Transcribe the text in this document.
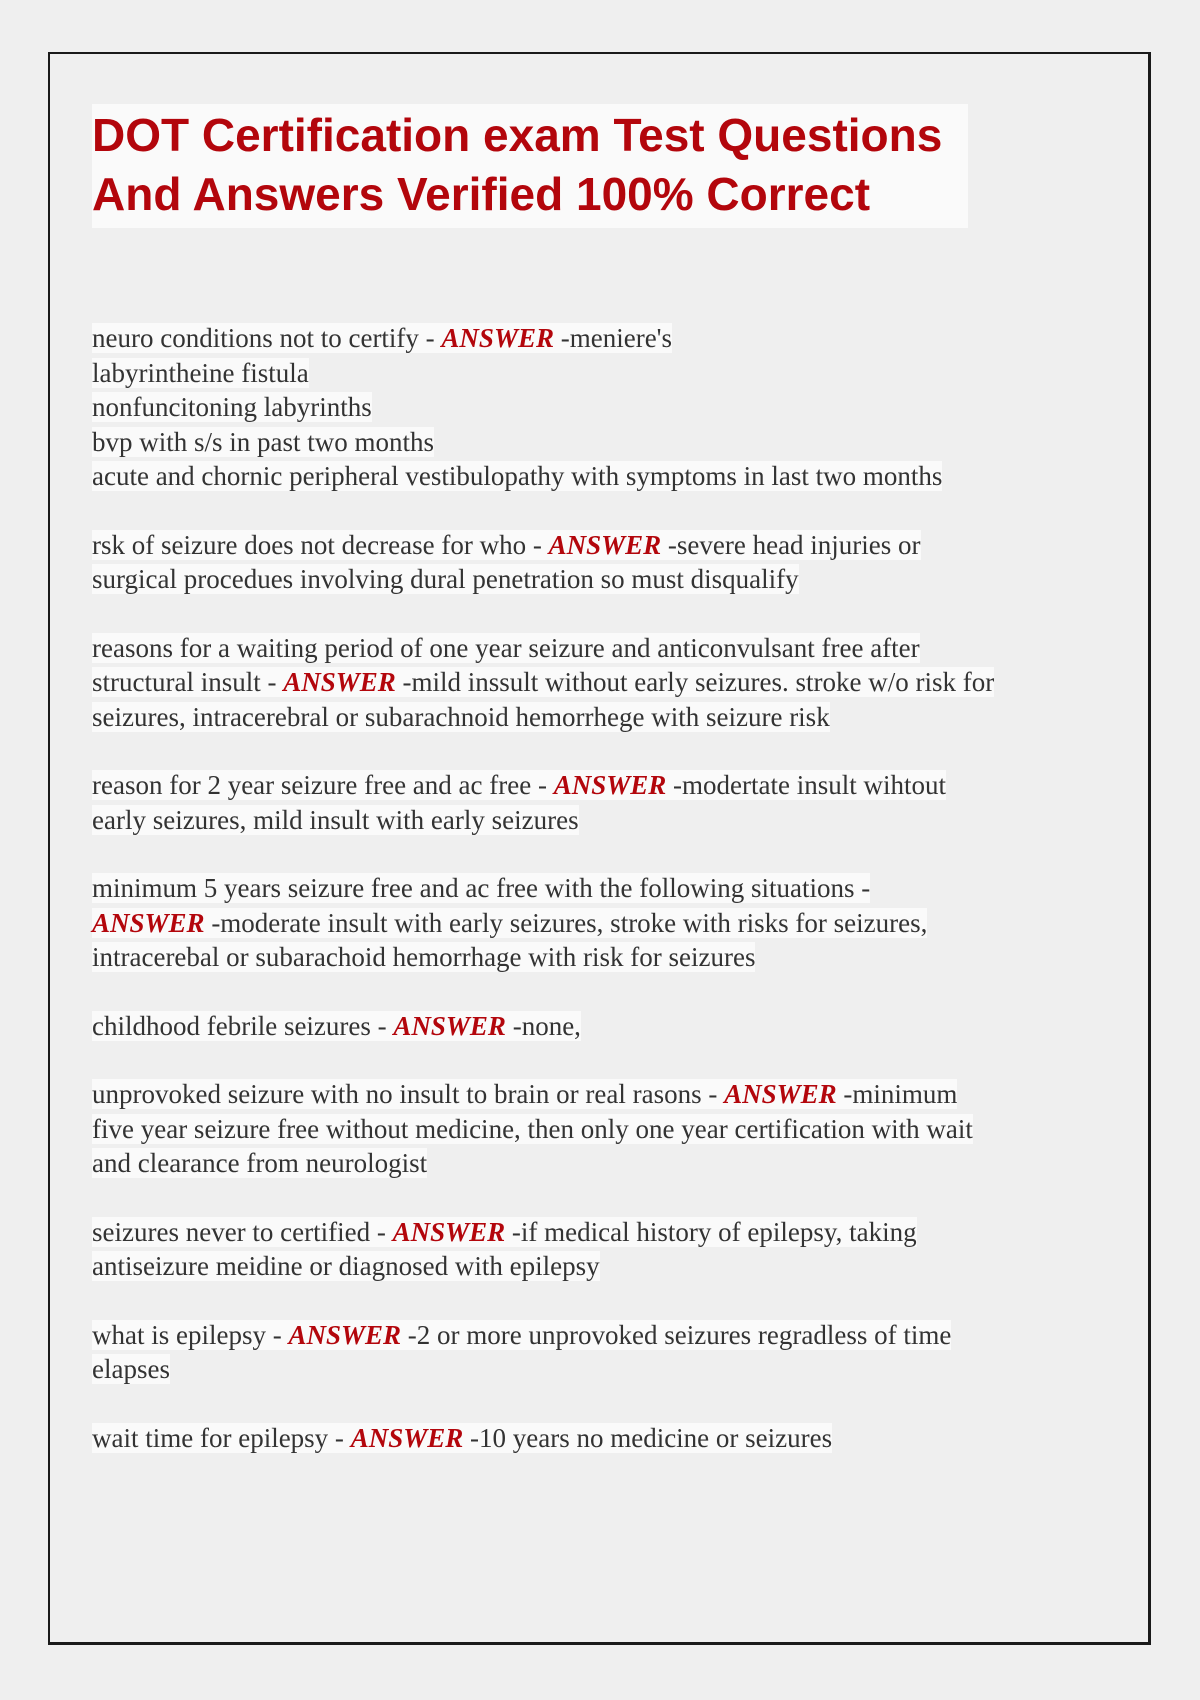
DOT Certification exam Test Questions
And Answers Verified 100% Correct
neuro conditions not to certify - ANSWER -meniere's
labyrintheine fistula
nonfuncitoning labyrinths
bvp with s/s in past two months
acute and chornic peripheral vestibulopathy with symptoms in last two months
rsk of seizure does not decrease for who - ANSWER -severe head injuries or
surgical procedues involving dural penetration so must disqualify
reasons for a waiting period of one year seizure and anticonvulsant free after
structural insult - ANSWER -mild inssult without early seizures. stroke w/o risk for
seizures, intracerebral or subarachnoid hemorrhege with seizure risk
reason for 2 year seizure free and ac free - ANSWER -modertate insult wihtout
early seizures, mild insult with early seizures
minimum 5 years seizure free and ac free with the following situations -
ANSWER -moderate insult with early seizures, stroke with risks for seizures,
intracerebal or subarachoid hemorrhage with risk for seizures
childhood febrile seizures - ANSWER -none,
unprovoked seizure with no insult to brain or real rasons - ANSWER -minimum
five year seizure free without medicine, then only one year certification with wait
and clearance from neurologist
seizures never to certified - ANSWER -if medical history of epilepsy, taking
antiseizure meidine or diagnosed with epilepsy
what is epilepsy - ANSWER -2 or more unprovoked seizures regradless of time
elapses
wait time for epilepsy - ANSWER -10 years no medicine or seizures
